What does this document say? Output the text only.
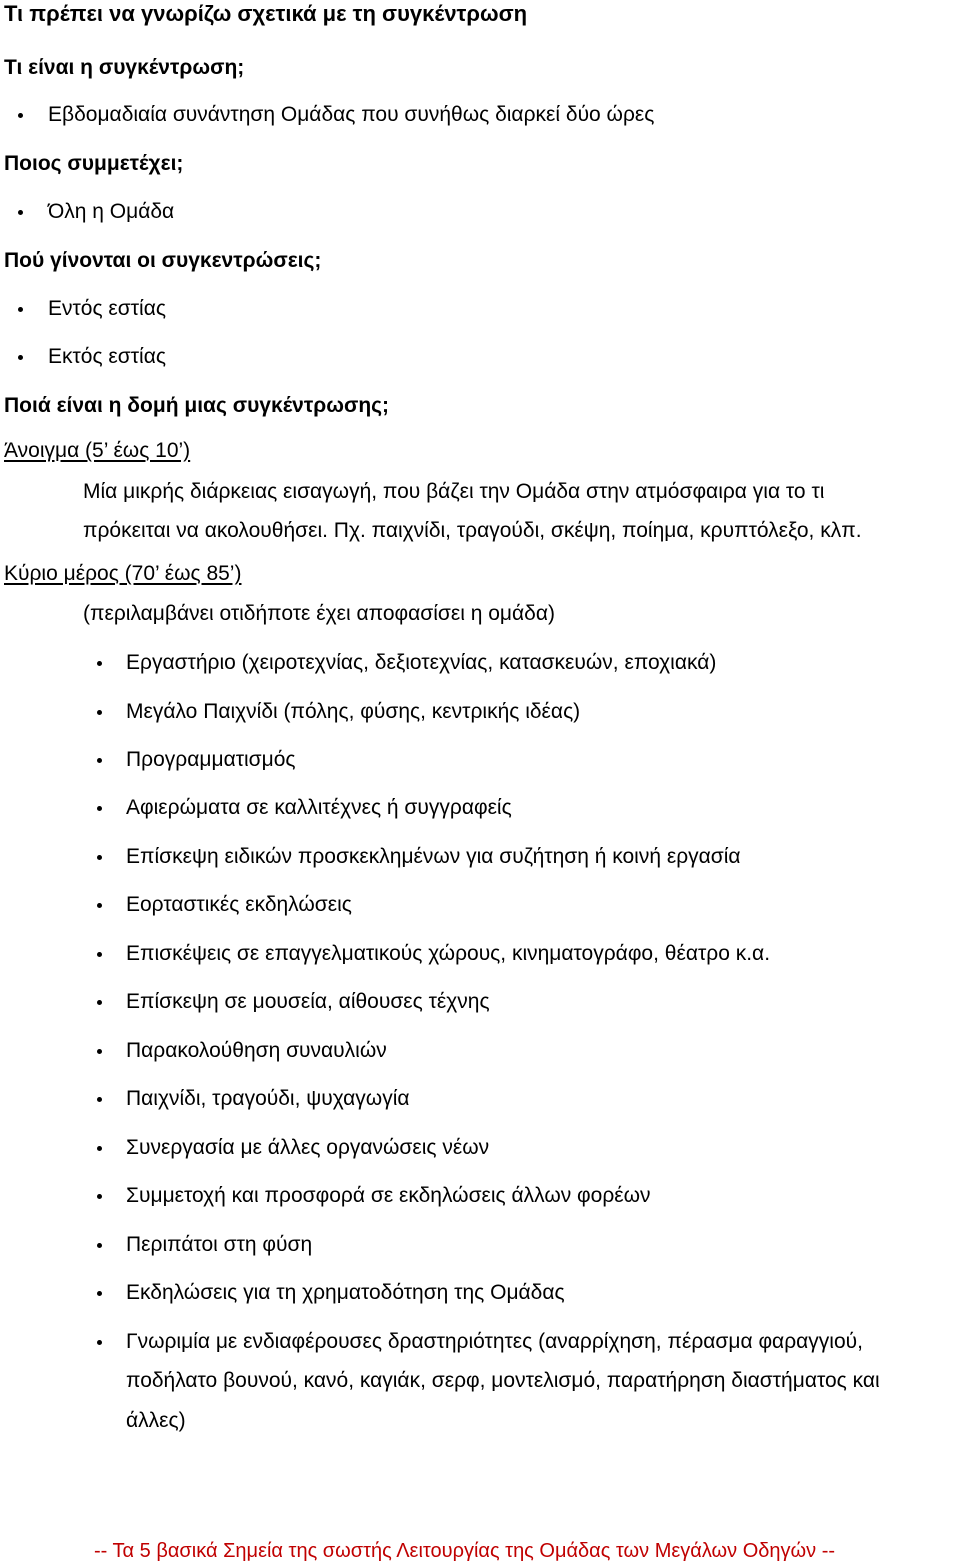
Τι πρέπει να γνωρίζω σχετικά με τη συγκέντρωση
Τι είναι η συγκέντρωση;
Εβδομαδιαία συνάντηση Ομάδας που συνήθως διαρκεί δύο ώρες
Ποιος συμμετέχει;
Όλη η Ομάδα
Πού γίνονται οι συγκεντρώσεις;
Εντός εστίας
Εκτός εστίας
Ποιά είναι η δομή μιας συγκέντρωσης;
Άνοιγμα (5’ έως 10’)
Μία μικρής διάρκειας εισαγωγή, που βάζει την Ομάδα στην ατμόσφαιρα για το τι
πρόκειται να ακολουθήσει. Πχ. παιχνίδι, τραγούδι, σκέψη, ποίημα, κρυπτόλεξο, κλπ.
Κύριο μέρος (70’ έως 85’)
(περιλαμβάνει οτιδήποτε έχει αποφασίσει η ομάδα)
Εργαστήριο (χειροτεχνίας, δεξιοτεχνίας, κατασκευών, εποχιακά)
Μεγάλο Παιχνίδι (πόλης, φύσης, κεντρικής ιδέας)
Προγραμματισμός
Αφιερώματα σε καλλιτέχνες ή συγγραφείς
Επίσκεψη ειδικών προσκεκλημένων για συζήτηση ή κοινή εργασία
Εορταστικές εκδηλώσεις
Επισκέψεις σε επαγγελματικούς χώρους, κινηματογράφο, θέατρο κ.α.
Επίσκεψη σε μουσεία, αίθουσες τέχνης
Παρακολούθηση συναυλιών
Παιχνίδι, τραγούδι, ψυχαγωγία
Συνεργασία με άλλες οργανώσεις νέων
Συμμετοχή και προσφορά σε εκδηλώσεις άλλων φορέων
Περιπάτοι στη φύση
Εκδηλώσεις για τη χρηματοδότηση της Ομάδας
Γνωριμία με ενδιαφέρουσες δραστηριότητες (αναρρίχηση, πέρασμα φαραγγιού,
ποδήλατο βουνού, κανό, καγιάκ, σερφ, μοντελισμό, παρατήρηση διαστήματος και
άλλες)
-- Τα 5 βασικά Σημεία της σωστής Λειτουργίας της Ομάδας των Μεγάλων Οδηγών --
